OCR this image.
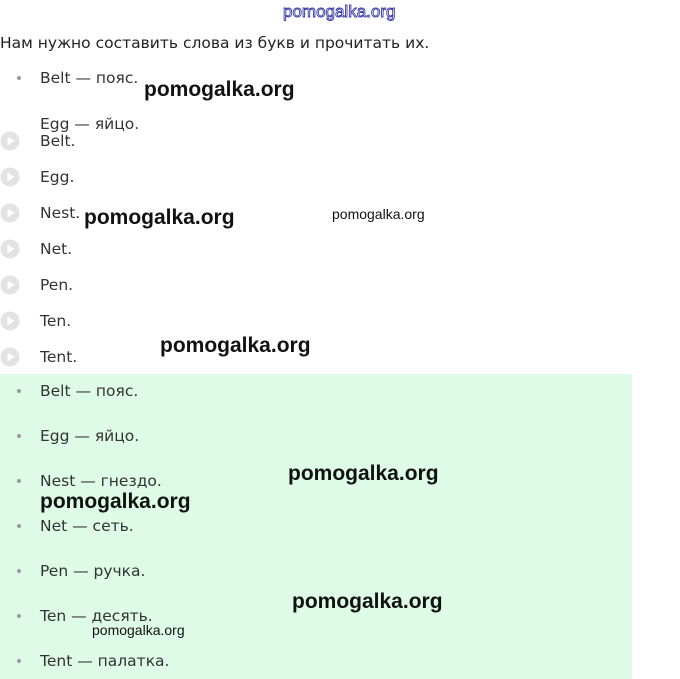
pomogalka.org
Нам нужно составить слова из букв и прочитать их.
Belt — пояс.
Egg — яйцо.
Belt.
Egg.
Nest.
Net.
Pen.
Ten.
Tent.
Belt — пояс.
Egg — яйцо.
Nest — гнездо.
Net — сеть.
Pen — ручка.
Ten — десять.
Tent — палатка.
pomogalka.org
pomogalka.org	pomogalka.org
pomogalka.org
pomogalka.org
pomogalka.org
pomogalka.org
pomogalka.org
